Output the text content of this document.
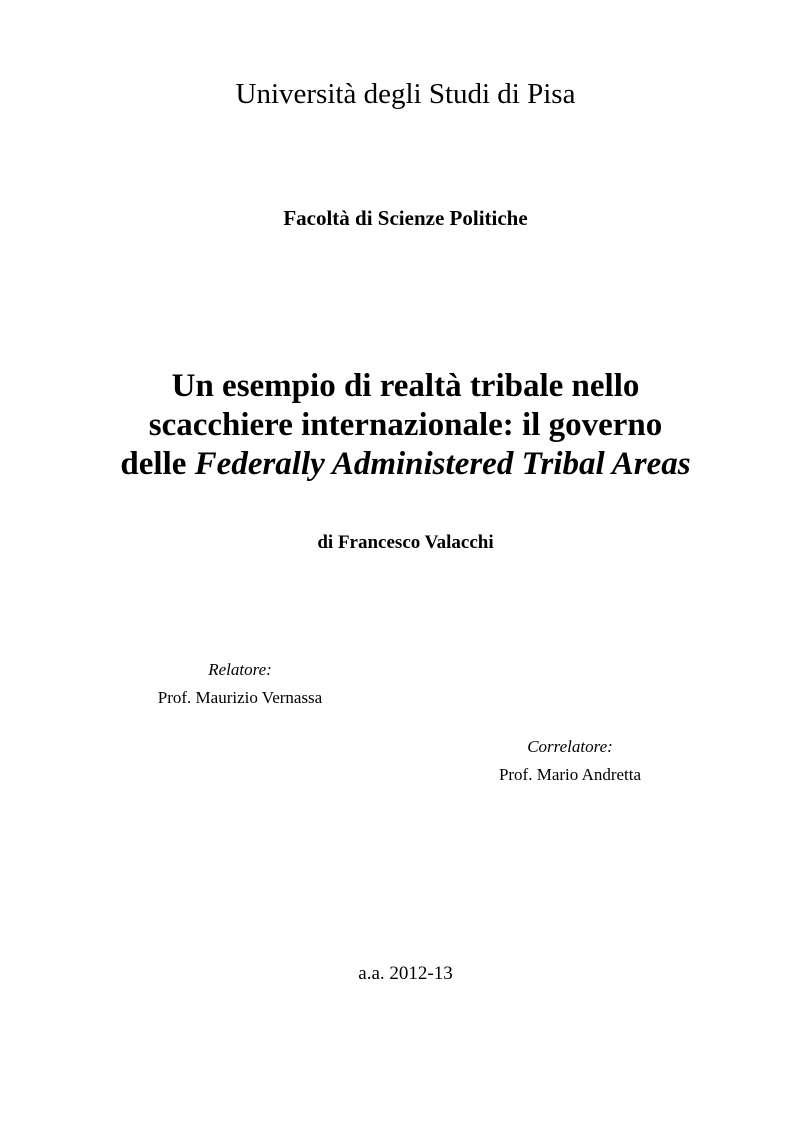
Università degli Studi di Pisa
Facoltà di Scienze Politiche
Un esempio di realtà tribale nello
scacchiere internazionale: il governo
delle Federally Administered Tribal Areas
di Francesco Valacchi
Relatore:
Prof. Maurizio Vernassa
Correlatore:
Prof. Mario Andretta
a.a. 2012-13
